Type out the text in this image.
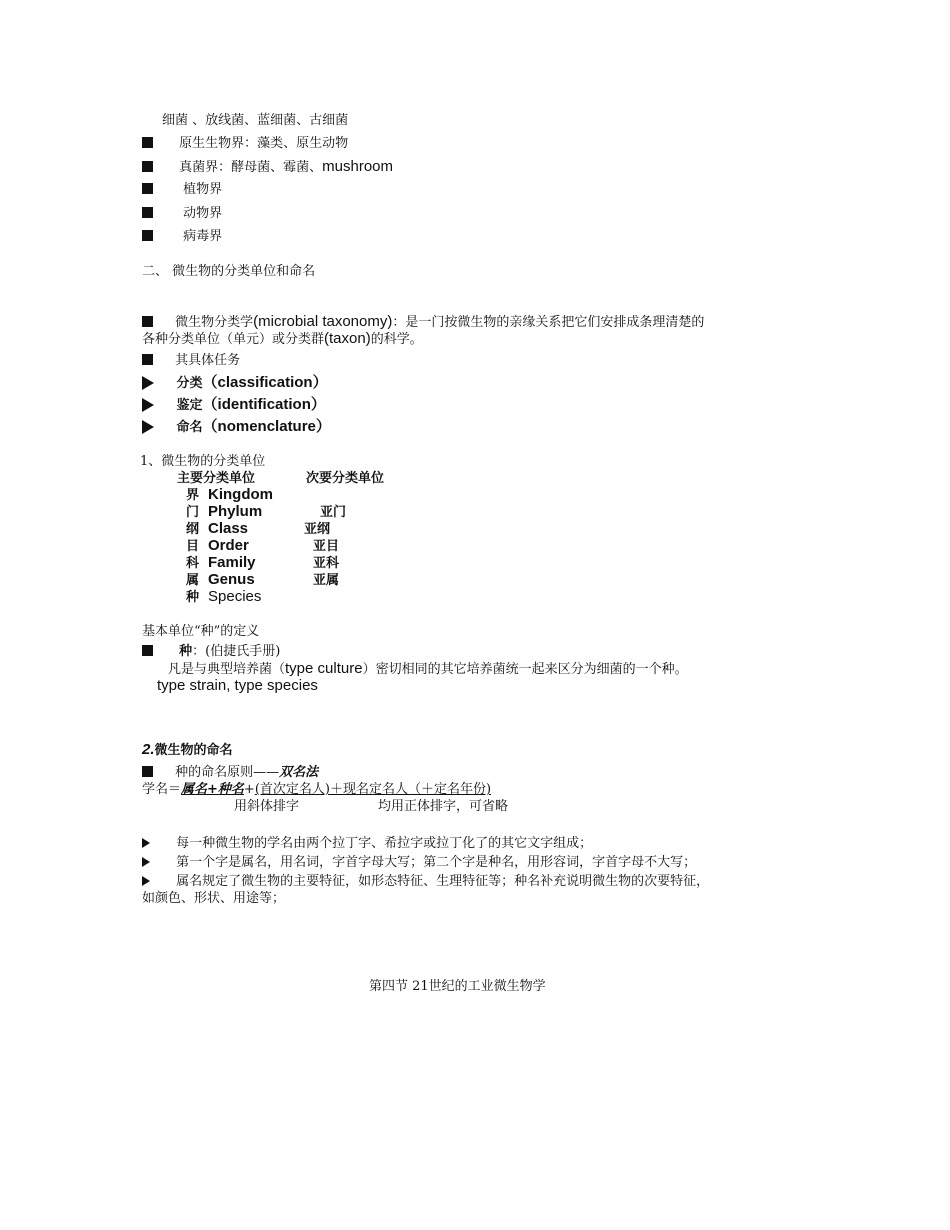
细菌 、放线菌、蓝细菌、古细菌
原生生物界：藻类、原生动物
真菌界：酵母菌、霉菌、mushroom
植物界
动物界
病毒界
二、 微生物的分类单位和命名
微生物分类学(microbial taxonomy)：是一门按微生物的亲缘关系把它们安排成条理清楚的
各种分类单位（单元）或分类群(taxon)的科学。
其具体任务
分类（classification）
鉴定（identification）
命名（nomenclature）
1、微生物的分类单位
主要分类单位	次要分类单位
界 Kingdom
门 Phylum	亚门
纲 Class	亚纲
目 Order	亚目
科 Family	亚科
属 Genus	亚属
种 Species
基本单位“种”的定义
种：(伯捷氏手册)
凡是与典型培养菌（type culture）密切相同的其它培养菌统一起来区分为细菌的一个种。
type strain, type species
2.微生物的命名
种的命名原则——双名法
学名＝属名+种名+(首次定名人)＋现名定名人（＋定名年份)
用斜体排字	均用正体排字，可省略
每一种微生物的学名由两个拉丁字、希拉字或拉丁化了的其它文字组成；
第一个字是属名，用名词，字首字母大写；第二个字是种名，用形容词，字首字母不大写；
属名规定了微生物的主要特征，如形态特征、生理特征等；种名补充说明微生物的次要特征，
如颜色、形状、用途等；
第四节 21世纪的工业微生物学
